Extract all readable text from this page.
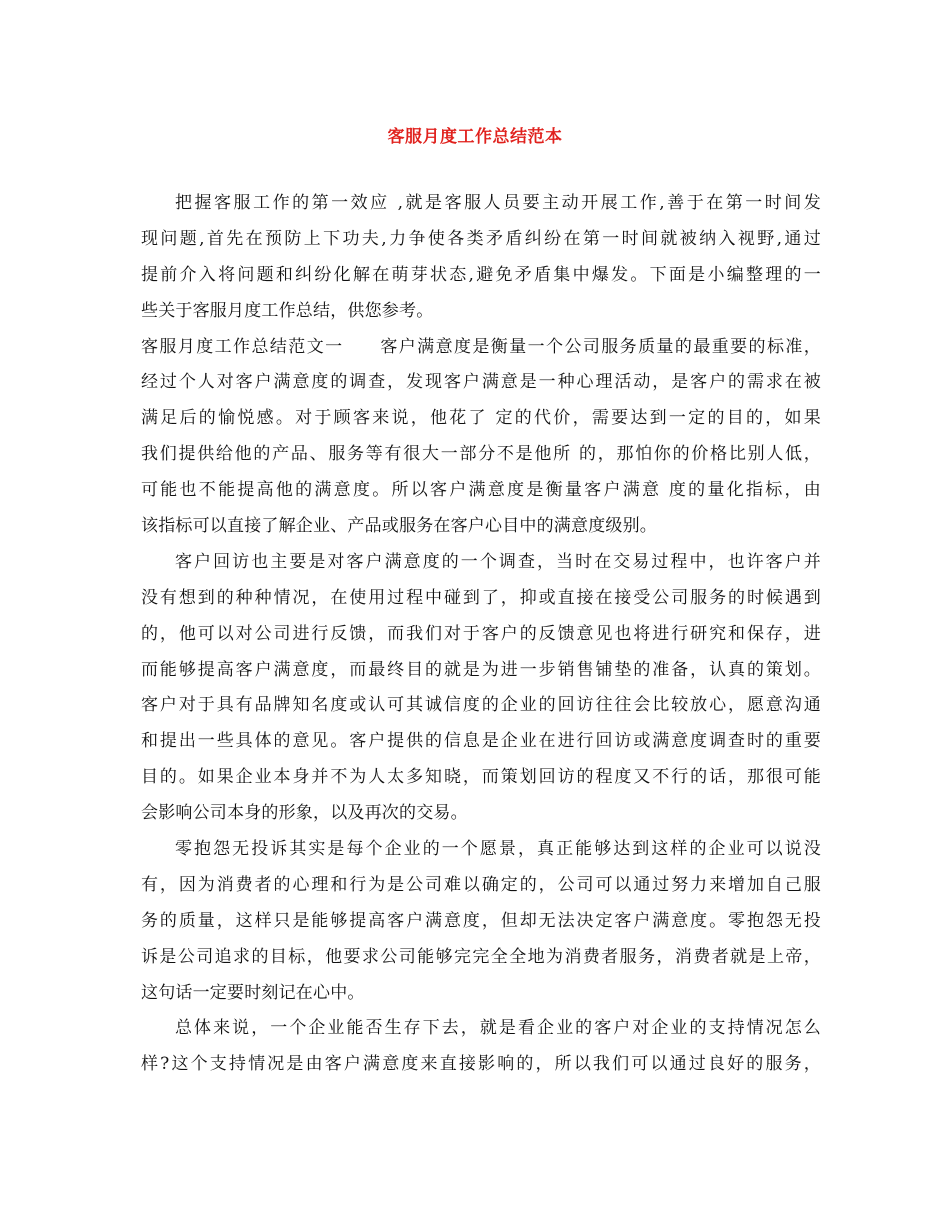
客服月度工作总结范本
把握客服工作的第一效应 ,就是客服人员要主动开展工作,善于在第一时间发
现问题,首先在预防上下功夫,力争使各类矛盾纠纷在第一时间就被纳入视野,通过
提前介入将问题和纠纷化解在萌芽状态,避免矛盾集中爆发。下面是小编整理的一
些关于客服月度工作总结，供您参考。
客服月度工作总结范文一　　客户满意度是衡量一个公司服务质量的最重要的标准，
经过个人对客户满意度的调查，发现客户满意是一种心理活动，是客户的需求在被
满足后的愉悦感。对于顾客来说，他花了 定的代价，需要达到一定的目的，如果
我们提供给他的产品、服务等有很大一部分不是他所 的，那怕你的价格比别人低，
可能也不能提高他的满意度。所以客户满意度是衡量客户满意 度的量化指标，由
该指标可以直接了解企业、产品或服务在客户心目中的满意度级别。
客户回访也主要是对客户满意度的一个调查，当时在交易过程中，也许客户并
没有想到的种种情况，在使用过程中碰到了，抑或直接在接受公司服务的时候遇到
的，他可以对公司进行反馈，而我们对于客户的反馈意见也将进行研究和保存，进
而能够提高客户满意度，而最终目的就是为进一步销售铺垫的准备，认真的策划。
客户对于具有品牌知名度或认可其诚信度的企业的回访往往会比较放心，愿意沟通
和提出一些具体的意见。客户提供的信息是企业在进行回访或满意度调查时的重要
目的。如果企业本身并不为人太多知晓，而策划回访的程度又不行的话，那很可能
会影响公司本身的形象，以及再次的交易。
零抱怨无投诉其实是每个企业的一个愿景，真正能够达到这样的企业可以说没
有，因为消费者的心理和行为是公司难以确定的，公司可以通过努力来增加自己服
务的质量，这样只是能够提高客户满意度，但却无法决定客户满意度。零抱怨无投
诉是公司追求的目标，他要求公司能够完完全全地为消费者服务，消费者就是上帝，
这句话一定要时刻记在心中。
总体来说，一个企业能否生存下去，就是看企业的客户对企业的支持情况怎么
样?这个支持情况是由客户满意度来直接影响的，所以我们可以通过良好的服务，
